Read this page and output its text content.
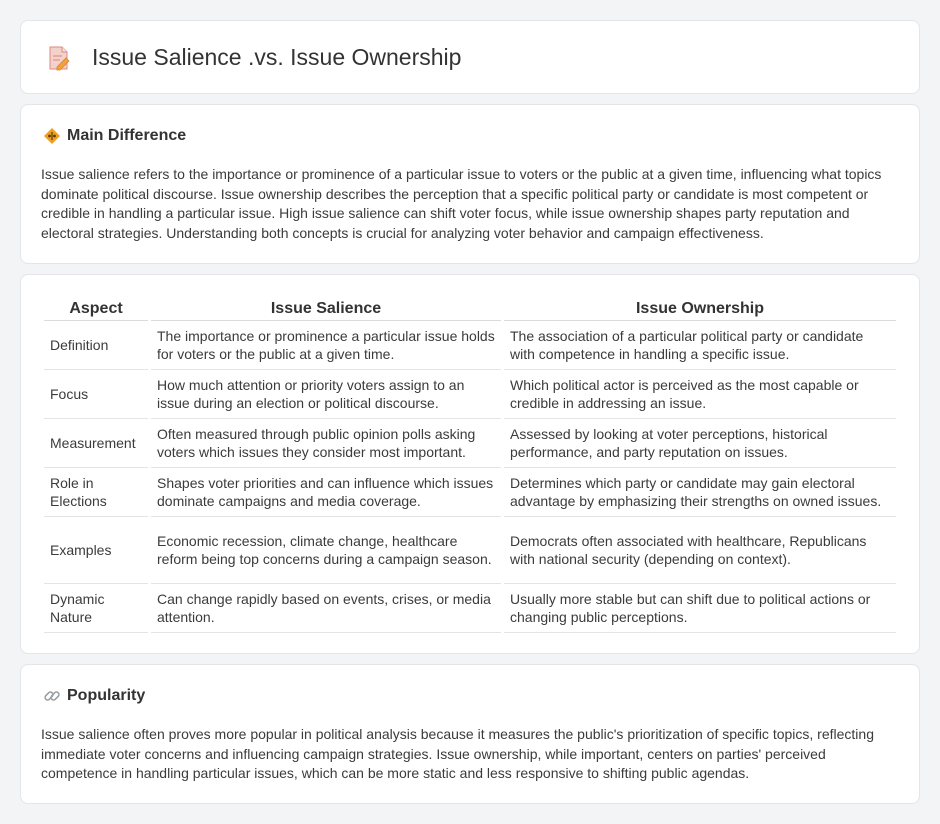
Issue Salience .vs. Issue Ownership
Main Difference

Issue salience refers to the importance or prominence of a particular issue to voters or the public at a given time, influencing what topics dominate political discourse. Issue ownership describes the perception that a specific political party or candidate is most competent or credible in handling a particular issue. High issue salience can shift voter focus, while issue ownership shapes party reputation and electoral strategies. Understanding both concepts is crucial for analyzing voter behavior and campaign effectiveness.

Aspect	Issue Salience	Issue Ownership
Definition	The importance or prominence a particular issue holds for voters or the public at a given time.	The association of a particular political party or candidate with competence in handling a specific issue.
Focus	How much attention or priority voters assign to an issue during an election or political discourse.	Which political actor is perceived as the most capable or credible in addressing an issue.
Measurement	Often measured through public opinion polls asking voters which issues they consider most important.	Assessed by looking at voter perceptions, historical performance, and party reputation on issues.
Role in Elections	Shapes voter priorities and can influence which issues dominate campaigns and media coverage.	Determines which party or candidate may gain electoral advantage by emphasizing their strengths on owned issues.
Examples	Economic recession, climate change, healthcare reform being top concerns during a campaign season.	Democrats often associated with healthcare, Republicans with national security (depending on context).
Dynamic Nature	Can change rapidly based on events, crises, or media attention.	Usually more stable but can shift due to political actions or changing public perceptions.
Popularity

Issue salience often proves more popular in political analysis because it measures the public's prioritization of specific topics, reflecting immediate voter concerns and influencing campaign strategies. Issue ownership, while important, centers on parties' perceived competence in handling particular issues, which can be more static and less responsive to shifting public agendas.
